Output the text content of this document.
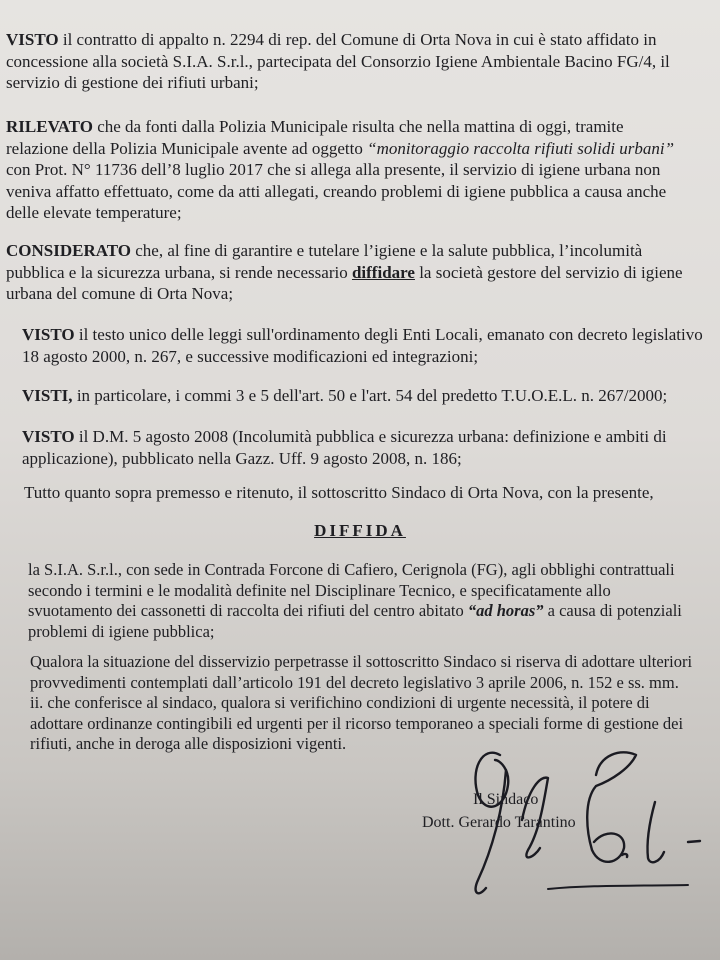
VISTO il contratto di appalto n. 2294 di rep. del Comune di Orta Nova in cui è stato affidato in
concessione alla società S.I.A. S.r.l., partecipata del Consorzio Igiene Ambientale Bacino FG/4, il
servizio di gestione dei rifiuti urbani;
RILEVATO che da fonti dalla Polizia Municipale risulta che nella mattina di oggi, tramite
relazione della Polizia Municipale avente ad oggetto “monitoraggio raccolta rifiuti solidi urbani”
con Prot. N° 11736 dell’8 luglio 2017 che si allega alla presente, il servizio di igiene urbana non
veniva affatto effettuato, come da atti allegati, creando problemi di igiene pubblica a causa anche
delle elevate temperature;
CONSIDERATO che, al fine di garantire e tutelare l’igiene e la salute pubblica, l’incolumità
pubblica e la sicurezza urbana, si rende necessario diffidare la società gestore del servizio di igiene
urbana del comune di Orta Nova;
VISTO il testo unico delle leggi sull'ordinamento degli Enti Locali, emanato con decreto legislativo
18 agosto 2000, n. 267, e successive modificazioni ed integrazioni;
VISTI, in particolare, i commi 3 e 5 dell'art. 50 e l'art. 54 del predetto T.U.O.E.L. n. 267/2000;
VISTO il D.M. 5 agosto 2008 (Incolumità pubblica e sicurezza urbana: definizione e ambiti di
applicazione), pubblicato nella Gazz. Uff. 9 agosto 2008, n. 186;
Tutto quanto sopra premesso e ritenuto, il sottoscritto Sindaco di Orta Nova, con la presente,
DIFFIDA
la S.I.A. S.r.l., con sede in Contrada Forcone di Cafiero, Cerignola (FG), agli obblighi contrattuali
secondo i termini e le modalità definite nel Disciplinare Tecnico, e specificatamente allo
svuotamento dei cassonetti di raccolta dei rifiuti del centro abitato “ad horas” a causa di potenziali
problemi di igiene pubblica;
Qualora la situazione del disservizio perpetrasse il sottoscritto Sindaco si riserva di adottare ulteriori
provvedimenti contemplati dall’articolo 191 del decreto legislativo 3 aprile 2006, n. 152 e ss. mm.
ii. che conferisce al sindaco, qualora si verifichino condizioni di urgente necessità, il potere di
adottare ordinanze contingibili ed urgenti per il ricorso temporaneo a speciali forme di gestione dei
rifiuti, anche in deroga alle disposizioni vigenti.
Il Sindaco
Dott. Gerardo Tarantino
